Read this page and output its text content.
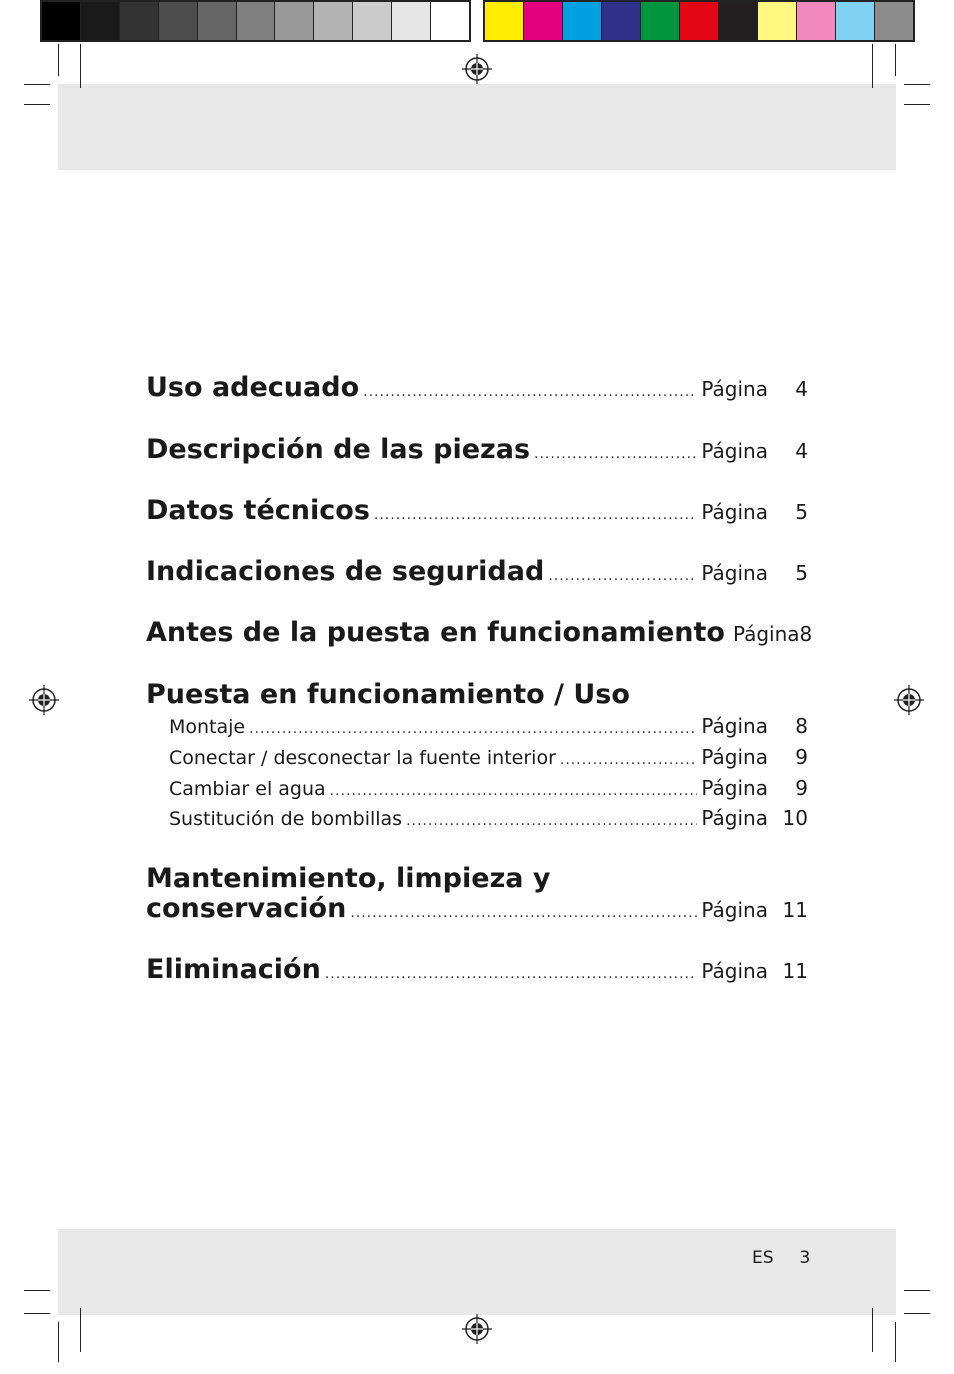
Uso adecuado .....	Página	4
Descripción de las piezas .....	Página	4
Datos técnicos .....	Página	5
Indicaciones de seguridad .....	Página	5
Antes de la puesta en funcionamiento Página 8
Puesta en funcionamiento / Uso
Montaje .....	Página	8
Conectar / desconectar la fuente interior .....	Página	9
Cambiar el agua .....	Página	9
Sustitución de bombillas .....	Página 10
Mantenimiento, limpieza y
conservación .....	Página 11
Eliminación .....	Página 11
ES 3
